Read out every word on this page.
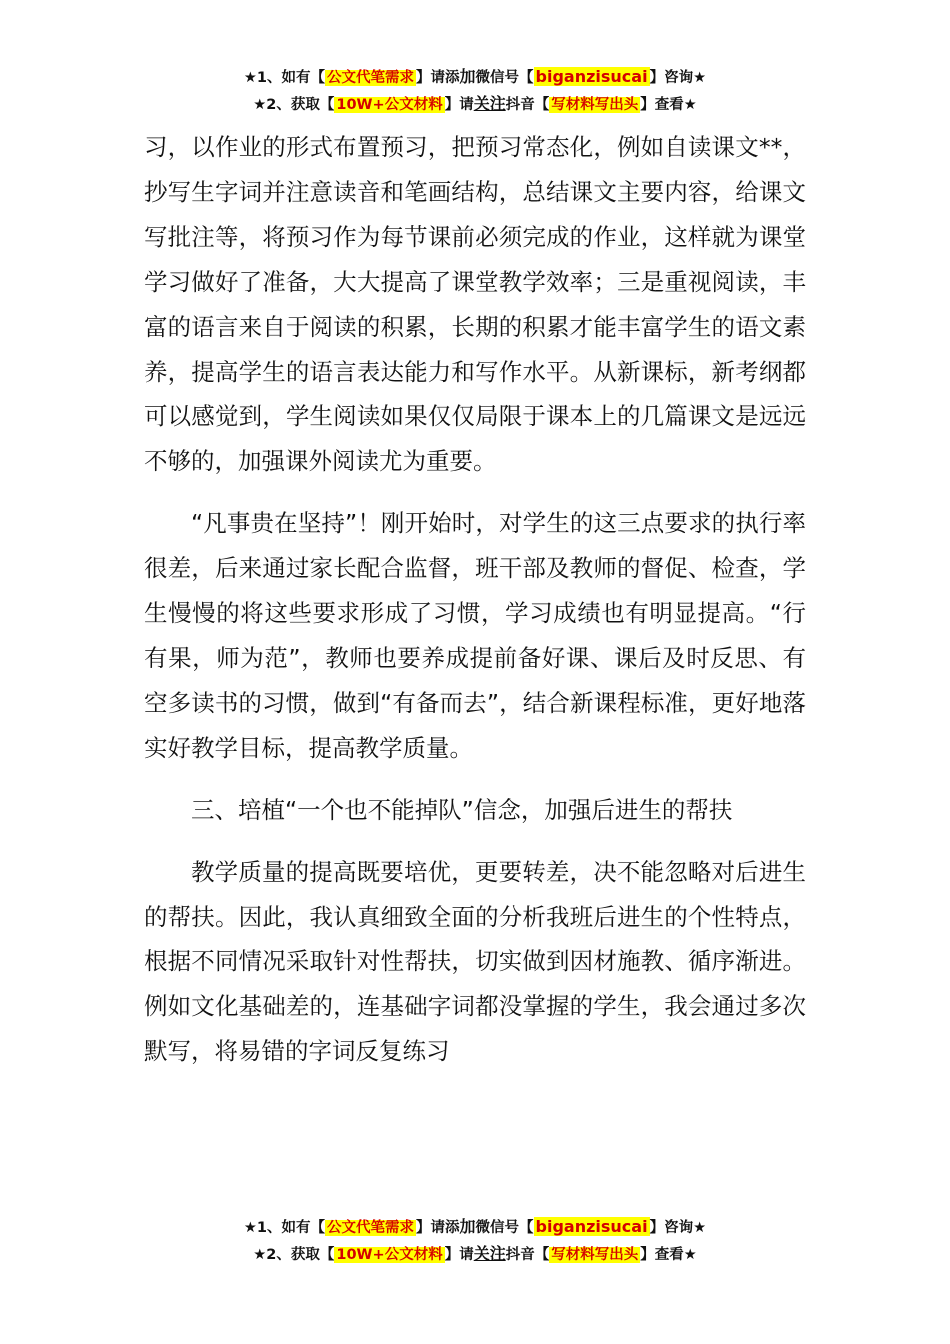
★1、如有【 公文代笔需求 】请添加微信号【 biganzisucai 】咨询★
★2、获取【 10W+公文材料 】请关注抖音【 写材料写出头 】查看★

习，以作业的形式布置预习，把预习常态化，例如自读课文**，抄写生字词并注意读音和笔画结构，总结课文主要内容，给课文写批注等，将预习作为每节课前必须完成的作业，这样就为课堂学习做好了准备，大大提高了课堂教学效率；三是重视阅读，丰富的语言来自于阅读的积累，长期的积累才能丰富学生的语文素养，提高学生的语言表达能力和写作水平。从新课标，新考纲都可以感觉到，学生阅读如果仅仅局限于课本上的几篇课文是远远不够的，加强课外阅读尤为重要。

“凡事贵在坚持”！刚开始时，对学生的这三点要求的执行率很差，后来通过家长配合监督，班干部及教师的督促、检查，学生慢慢的将这些要求形成了习惯，学习成绩也有明显提高。“行有果，师为范”，教师也要养成提前备好课、课后及时反思、有空多读书的习惯，做到“有备而去”，结合新课程标准，更好地落实好教学目标，提高教学质量。

三、培植“一个也不能掉队”信念，加强后进生的帮扶

教学质量的提高既要培优，更要转差，决不能忽略对后进生的帮扶。因此，我认真细致全面的分析我班后进生的个性特点，根据不同情况采取针对性帮扶，切实做到因材施教、循序渐进。例如文化基础差的，连基础字词都没掌握的学生，我会通过多次默写，将易错的字词反复练习

★1、如有【 公文代笔需求 】请添加微信号【 biganzisucai 】咨询★
★2、获取【 10W+公文材料 】请关注抖音【 写材料写出头 】查看★
